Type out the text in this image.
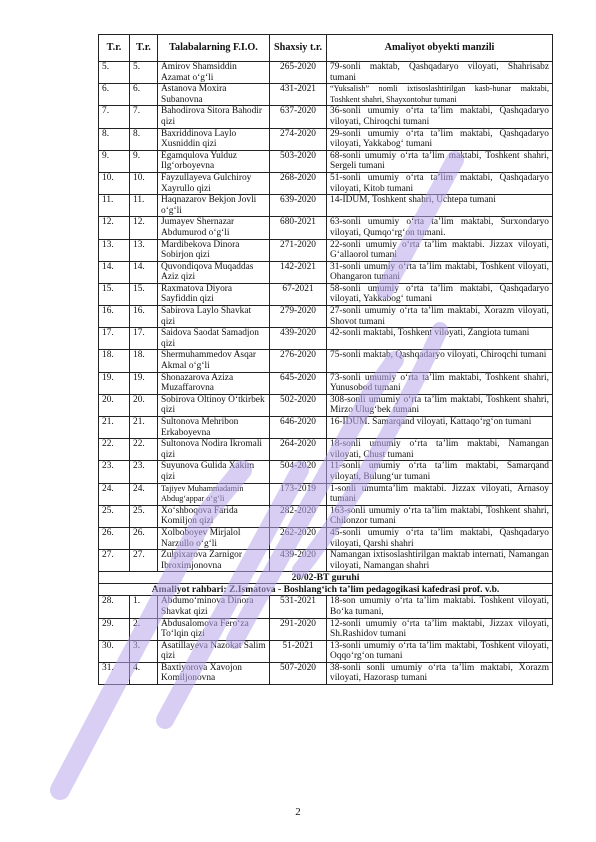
T.r.	T.r.	Talabalarning F.I.O.	Shaxsiy t.r.	Amaliyot obyekti manzili
5.	5.	Amirov Shamsiddin Azamat o‘g‘li	265-2020	79-sonli maktab, Qashqadaryo viloyati, Shahrisabz tumani
6.	6.	Astanova Moxira Subanovna	431-2021	“Yuksalish” nomli ixtisoslashtirilgan kasb-hunar maktabi, Toshkent shahri, Shayxontohur tumani
7.	7.	Bahodirova Sitora Bahodir qizi	637-2020	36-sonli umumiy o‘rta ta’lim maktabi, Qashqadaryo viloyati, Chiroqchi tumani
8.	8.	Baxriddinova Laylo Xusniddin qizi	274-2020	29-sonli umumiy o‘rta ta’lim maktabi, Qashqadaryo viloyati, Yakkabog‘ tumani
9.	9.	Egamqulova Yulduz Ilg‘orboyevna	503-2020	68-sonli umumiy o‘rta ta’lim maktabi, Toshkent shahri, Sergeli tumani
10.	10.	Fayzullayeva Gulchiroy Xayrullo qizi	268-2020	51-sonli umumiy o‘rta ta’lim maktabi, Qashqadaryo viloyati, Kitob tumani
11.	11.	Haqnazarov Bekjon Jovli o‘g‘li	639-2020	14-IDUM, Toshkent shahri, Uchtepa tumani
12.	12.	Jumayev Shernazar Abdumurod o‘g‘li	680-2021	63-sonli umumiy o‘rta ta’lim maktabi, Surxondaryo viloyati, Qumqo‘rg‘on tumani.
13.	13.	Mardibekova Dinora Sobirjon qizi	271-2020	22-sonli umumiy o‘rta ta’lim maktabi. Jizzax viloyati, G‘allaorol tumani
14.	14.	Quvondiqova Muqaddas Aziz qizi	142-2021	31-sonli umumiy o‘rta ta’lim maktabi, Toshkent viloyati, Ohangaron tumani
15.	15.	Raxmatova Diyora Sayfiddin qizi	67-2021	58-sonli umumiy o‘rta ta’lim maktabi, Qashqadaryo viloyati, Yakkabog‘ tumani
16.	16.	Sabirova Laylo Shavkat qizi	279-2020	27-sonli umumiy o‘rta ta’lim maktabi, Xorazm viloyati, Shovot tumani
17.	17.	Saidova Saodat Samadjon qizi	439-2020	42-sonli maktabi, Toshkent viloyati, Zangiota tumani
18.	18.	Shermuhammedov Asqar Akmal o‘g‘li	276-2020	75-sonli maktab, Qashqadaryo viloyati, Chiroqchi tumani
19.	19.	Shonazarova Aziza Muzaffarovna	645-2020	73-sonli umumiy o‘rta ta’lim maktabi, Toshkent shahri, Yunusobod tumani
20.	20.	Sobirova Oltinoy O‘tkirbek qizi	502-2020	308-sonli umumiy o‘rta ta’lim maktabi, Toshkent shahri, Mirzo Ulug‘bek tumani
21.	21.	Sultonova Mehribon Erkaboyevna	646-2020	16-IDUM. Samarqand viloyati, Kattaqo‘rg‘on tumani
22.	22.	Sultonova Nodira Ikromali qizi	264-2020	18-sonli umumiy o‘rta ta’lim maktabi, Namangan viloyati, Chust tumani
23.	23.	Suyunova Gulida Xakim qizi	504-2020	11-sonli umumiy o‘rta ta’lim maktabi, Samarqand viloyati, Bulung‘ur tumani
24.	24.	Tajiyev Muhammadamin Abdug‘appar o‘g‘li	173-2019	1-sonli umumta’lim maktabi. Jizzax viloyati, Arnasoy tumani
25.	25.	Xo‘shboqova Farida Komiljon qizi	282-2020	163-sonli umumiy o‘rta ta’lim maktabi, Toshkent shahri, Chilonzor tumani
26.	26.	Xolboboyev Mirjalol Narzullo o‘g‘li	262-2020	45-sonli umumiy o‘rta ta’lim maktabi, Qashqadaryo viloyati, Qarshi shahri
27.	27.	Zulpixarova Zarnigor Ibroximjonovna	439-2020	Namangan ixtisoslashtirilgan maktab internati, Namangan viloyati, Namangan shahri
20/02-BT guruhi				
Amaliyot rahbari: Z.Ismatova - Boshlang‘ich ta’lim pedagogikasi kafedrasi prof. v.b.				
28.	1.	Abdumo‘minova Dinora Shavkat qizi	531-2021	18-son umumiy o‘rta ta’lim maktabi. Toshkent viloyati, Bo‘ka tumani,
29.	2.	Abdusalomova Fero‘za To‘lqin qizi	291-2020	12-sonli umumiy o‘rta ta’lim maktabi, Jizzax viloyati, Sh.Rashidov tumani
30.	3.	Asatillayeva Nazokat Salim qizi	51-2021	13-sonli umumiy o‘rta ta’lim maktabi, Toshkent viloyati, Oqqo‘rg‘on tumani
31.	4.	Baxtiyorova Xavojon Komiljonovna	507-2020	38-sonli sonli umumiy o‘rta ta’lim maktabi, Xorazm viloyati, Hazorasp tumani
2
